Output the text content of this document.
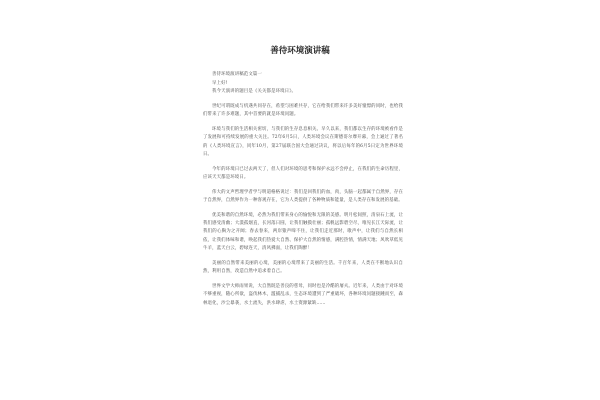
善待环境演讲稿

善待环境演讲稿范文篇一

早上好!

我今天演讲的题目是《关关都是环境日》。

世纪可谓既成与机遇共同存在，希望与困难共存，它在给我们带来许多美好憧憬的同时，也给我们带来了许多难题，其中首要的就是环境问题。

环境与我们的生活相关密切，与我们的生存息息相关。早久以来，我们都以生存的环境被看作是了发展和可持续发展的重大关注。72年6月5日，人类环境会议在斯德哥尔摩开幕，会上通过了著名的《人类环境宣言》，同年10月，第27届联合国大会通过决议，将以后每年的6月5日定为世界环境日。

今年的环境日已过去两天了，但人们对环境的思考和保护永远不会停止，在我们的生命历程里，应该天天都是环境日。

伟大的文声哲理学者学与明道格格说过：我们是回我们的血，肉，头脑一起都属于自然界，存在于自然界，自然界作为一种客观存在，它为人类提供了各种物质和能量，是人类存在和发展的基础。

优美和谐的自然环境，必然为我们带来身心的愉悦和无限的美感。明月松间照，清泉石上流，让我们感受清幽；大漠孤烟直，长河落日圆，让我们触摸壮丽；孤帆远影碧空尽，唯见长江天际流，让我们的心胸为之开阔；春去春来，两岸猿声啼不住，让我们走近那时，歌声中，让我们与自然长相依，让我们体味和谐，唤起我们热爱大自然、保护大自然的情感，满腔热情，情满天地；风吹草低见牛羊，蓝天白云，碧绿连天，清风拂面，让我们陶醉！

美丽的自然带来美丽的心境，美丽的心境带来了美丽的生活。千百年来，人类在不断地认识自然，利用自然，改造自然中追求着自己。

世界文学大师雨果说，大自然既是善良的慈母，同时也是冷酷的屠夫。近年来，人类由于对环境不够重视，随心所欲，盗伐林木，滥捕乱杀，生态环境遭到了严重破坏，各种环境问题接踵而至，森林退化，沙尘暴袭，水土流失，洪水肆虐，水土资源紧缺……
